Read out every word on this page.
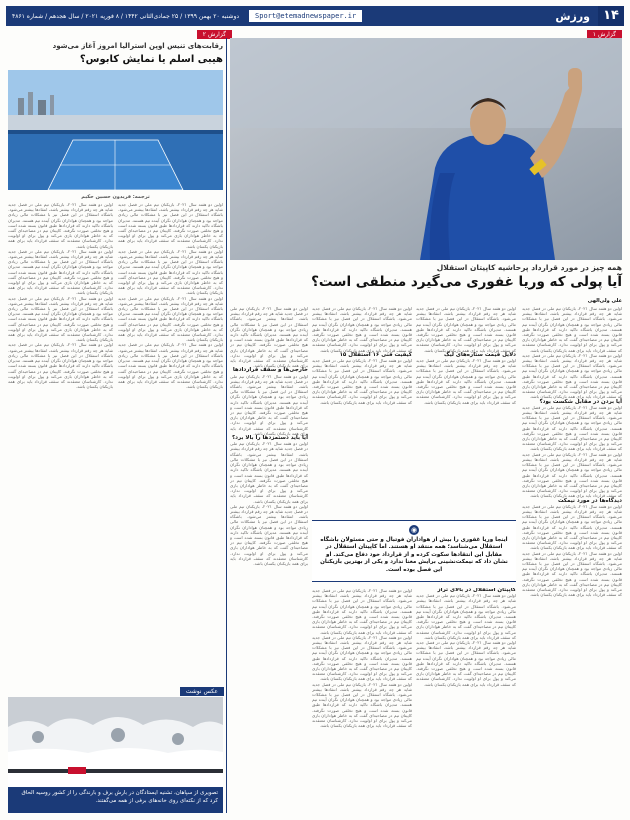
۱۴
ورزش
Sport@etemadnewspaper.ir
دوشنبه ۲۰ بهمن ۱۳۹۹ / ۲۵ جمادی‌الثانی ۱۴۴۲ / ۸ فوریه ۲۰۲۱ / سال هجدهم / شماره ۴۸۶۱
گزارش ۱
گزارش ۲
رقابت‌های تنیس اوپن استرالیا امروز آغاز می‌شود
هیبی اسلم یا نمایش کابوس؟
ترجمه: فریدون حسین حکیم

اولین دو هفته سال ۲۰۲۱، بازیکنان تیم ملی در فصل جدید شاید هر چه رقم قرارداد بیشتر باشد، انتقادها بیشتر می‌شود. باشگاه استقلال در این فصل نیز با مشکلات مالی زیادی مواجه بود و همچنان هواداران نگران آینده تیم هستند. مدیران باشگاه تاکید دارند که قراردادها طبق قانون بسته شده است و هیچ تخلفی صورت نگرفته. کاپیتان تیم در مصاحبه‌ای گفت که به خاطر هواداران بازی می‌کند و پول برای او اولویت ندارد. کارشناسان معتقدند که سقف قرارداد باید برای همه بازیکنان یکسان باشد.

اولین دو هفته سال ۲۰۲۱، بازیکنان تیم ملی در فصل جدید شاید هر چه رقم قرارداد بیشتر باشد، انتقادها بیشتر می‌شود. باشگاه استقلال در این فصل نیز با مشکلات مالی زیادی مواجه بود و همچنان هواداران نگران آینده تیم هستند. مدیران باشگاه تاکید دارند که قراردادها طبق قانون بسته شده است و هیچ تخلفی صورت نگرفته. کاپیتان تیم در مصاحبه‌ای گفت که به خاطر هواداران بازی می‌کند و پول برای او اولویت ندارد. کارشناسان معتقدند که سقف قرارداد باید برای همه بازیکنان یکسان باشد.

اولین دو هفته سال ۲۰۲۱، بازیکنان تیم ملی در فصل جدید شاید هر چه رقم قرارداد بیشتر باشد، انتقادها بیشتر می‌شود. باشگاه استقلال در این فصل نیز با مشکلات مالی زیادی مواجه بود و همچنان هواداران نگران آینده تیم هستند. مدیران باشگاه تاکید دارند که قراردادها طبق قانون بسته شده است و هیچ تخلفی صورت نگرفته. کاپیتان تیم در مصاحبه‌ای گفت که به خاطر هواداران بازی می‌کند و پول برای او اولویت ندارد. کارشناسان معتقدند که سقف قرارداد باید برای همه بازیکنان یکسان باشد.

اولین دو هفته سال ۲۰۲۱، بازیکنان تیم ملی در فصل جدید شاید هر چه رقم قرارداد بیشتر باشد، انتقادها بیشتر می‌شود. باشگاه استقلال در این فصل نیز با مشکلات مالی زیادی مواجه بود و همچنان هواداران نگران آینده تیم هستند. مدیران باشگاه تاکید دارند که قراردادها طبق قانون بسته شده است و هیچ تخلفی صورت نگرفته. کاپیتان تیم در مصاحبه‌ای گفت که به خاطر هواداران بازی می‌کند و پول برای او اولویت ندارد. کارشناسان معتقدند که سقف قرارداد باید برای همه بازیکنان یکسان باشد.

اولین دو هفته سال ۲۰۲۱، بازیکنان تیم ملی در فصل جدید شاید هر چه رقم قرارداد بیشتر باشد، انتقادها بیشتر می‌شود. باشگاه استقلال در این فصل نیز با مشکلات مالی زیادی مواجه بود و همچنان هواداران نگران آینده تیم هستند. مدیران باشگاه تاکید دارند که قراردادها طبق قانون بسته شده است و هیچ تخلفی صورت نگرفته. کاپیتان تیم در مصاحبه‌ای گفت که به خاطر هواداران بازی می‌کند و پول برای او اولویت ندارد. کارشناسان معتقدند که سقف قرارداد باید برای همه بازیکنان یکسان باشد.

اولین دو هفته سال ۲۰۲۱، بازیکنان تیم ملی در فصل جدید شاید هر چه رقم قرارداد بیشتر باشد، انتقادها بیشتر می‌شود. باشگاه استقلال در این فصل نیز با مشکلات مالی زیادی مواجه بود و همچنان هواداران نگران آینده تیم هستند. مدیران باشگاه تاکید دارند که قراردادها طبق قانون بسته شده است و هیچ تخلفی صورت نگرفته. کاپیتان تیم در مصاحبه‌ای گفت که به خاطر هواداران بازی می‌کند و پول برای او اولویت ندارد. کارشناسان معتقدند که سقف قرارداد باید برای همه بازیکنان یکسان باشد.

اولین دو هفته سال ۲۰۲۱، بازیکنان تیم ملی در فصل جدید شاید هر چه رقم قرارداد بیشتر باشد، انتقادها بیشتر می‌شود. باشگاه استقلال در این فصل نیز با مشکلات مالی زیادی مواجه بود و همچنان هواداران نگران آینده تیم هستند. مدیران باشگاه تاکید دارند که قراردادها طبق قانون بسته شده است و هیچ تخلفی صورت نگرفته. کاپیتان تیم در مصاحبه‌ای گفت که به خاطر هواداران بازی می‌کند و پول برای او اولویت ندارد. کارشناسان معتقدند که سقف قرارداد باید برای همه بازیکنان یکسان باشد.

اولین دو هفته سال ۲۰۲۱، بازیکنان تیم ملی در فصل جدید شاید هر چه رقم قرارداد بیشتر باشد، انتقادها بیشتر می‌شود. باشگاه استقلال در این فصل نیز با مشکلات مالی زیادی مواجه بود و همچنان هواداران نگران آینده تیم هستند. مدیران باشگاه تاکید دارند که قراردادها طبق قانون بسته شده است و هیچ تخلفی صورت نگرفته. کاپیتان تیم در مصاحبه‌ای گفت که به خاطر هواداران بازی می‌کند و پول برای او اولویت ندارد. کارشناسان معتقدند که سقف قرارداد باید برای همه بازیکنان یکسان باشد.

همه چیز در مورد قرارداد پرحاشیه کاپیتان استقلال
آیا پولی که وریا غفوری می‌گیرد منطقی است؟
علی ولی‌الهی

اولین دو هفته سال ۲۰۲۱، بازیکنان تیم ملی در فصل جدید شاید هر چه رقم قرارداد بیشتر باشد، انتقادها بیشتر می‌شود. باشگاه استقلال در این فصل نیز با مشکلات مالی زیادی مواجه بود و همچنان هواداران نگران آینده تیم هستند. مدیران باشگاه تاکید دارند که قراردادها طبق قانون بسته شده است و هیچ تخلفی صورت نگرفته. کاپیتان تیم در مصاحبه‌ای گفت که به خاطر هواداران بازی می‌کند و پول برای او اولویت ندارد. کارشناسان معتقدند که سقف قرارداد باید برای همه بازیکنان یکسان باشد.

اولین دو هفته سال ۲۰۲۱، بازیکنان تیم ملی در فصل جدید شاید هر چه رقم قرارداد بیشتر باشد، انتقادها بیشتر می‌شود. باشگاه استقلال در این فصل نیز با مشکلات مالی زیادی مواجه بود و همچنان هواداران نگران آینده تیم هستند. مدیران باشگاه تاکید دارند که قراردادها طبق قانون بسته شده است و هیچ تخلفی صورت نگرفته. کاپیتان تیم در مصاحبه‌ای گفت که به خاطر هواداران بازی می‌کند و پول برای او اولویت ندارد. کارشناسان معتقدند که سقف قرارداد باید برای همه بازیکنان یکسان باشد.

آیا بردن در مقابل شکست بود؟

اولین دو هفته سال ۲۰۲۱، بازیکنان تیم ملی در فصل جدید شاید هر چه رقم قرارداد بیشتر باشد، انتقادها بیشتر می‌شود. باشگاه استقلال در این فصل نیز با مشکلات مالی زیادی مواجه بود و همچنان هواداران نگران آینده تیم هستند. مدیران باشگاه تاکید دارند که قراردادها طبق قانون بسته شده است و هیچ تخلفی صورت نگرفته. کاپیتان تیم در مصاحبه‌ای گفت که به خاطر هواداران بازی می‌کند و پول برای او اولویت ندارد. کارشناسان معتقدند که سقف قرارداد باید برای همه بازیکنان یکسان باشد.

اولین دو هفته سال ۲۰۲۱، بازیکنان تیم ملی در فصل جدید شاید هر چه رقم قرارداد بیشتر باشد، انتقادها بیشتر می‌شود. باشگاه استقلال در این فصل نیز با مشکلات مالی زیادی مواجه بود و همچنان هواداران نگران آینده تیم هستند. مدیران باشگاه تاکید دارند که قراردادها طبق قانون بسته شده است و هیچ تخلفی صورت نگرفته. کاپیتان تیم در مصاحبه‌ای گفت که به خاطر هواداران بازی می‌کند و پول برای او اولویت ندارد. کارشناسان معتقدند که سقف قرارداد باید برای همه بازیکنان یکسان باشد.

دیدگاه‌ها در مورد نیمکت

اولین دو هفته سال ۲۰۲۱، بازیکنان تیم ملی در فصل جدید شاید هر چه رقم قرارداد بیشتر باشد، انتقادها بیشتر می‌شود. باشگاه استقلال در این فصل نیز با مشکلات مالی زیادی مواجه بود و همچنان هواداران نگران آینده تیم هستند. مدیران باشگاه تاکید دارند که قراردادها طبق قانون بسته شده است و هیچ تخلفی صورت نگرفته. کاپیتان تیم در مصاحبه‌ای گفت که به خاطر هواداران بازی می‌کند و پول برای او اولویت ندارد. کارشناسان معتقدند که سقف قرارداد باید برای همه بازیکنان یکسان باشد.

اولین دو هفته سال ۲۰۲۱، بازیکنان تیم ملی در فصل جدید شاید هر چه رقم قرارداد بیشتر باشد، انتقادها بیشتر می‌شود. باشگاه استقلال در این فصل نیز با مشکلات مالی زیادی مواجه بود و همچنان هواداران نگران آینده تیم هستند. مدیران باشگاه تاکید دارند که قراردادها طبق قانون بسته شده است و هیچ تخلفی صورت نگرفته. کاپیتان تیم در مصاحبه‌ای گفت که به خاطر هواداران بازی می‌کند و پول برای او اولویت ندارد. کارشناسان معتقدند که سقف قرارداد باید برای همه بازیکنان یکسان باشد.

اولین دو هفته سال ۲۰۲۱، بازیکنان تیم ملی در فصل جدید شاید هر چه رقم قرارداد بیشتر باشد، انتقادها بیشتر می‌شود. باشگاه استقلال در این فصل نیز با مشکلات مالی زیادی مواجه بود و همچنان هواداران نگران آینده تیم هستند. مدیران باشگاه تاکید دارند که قراردادها طبق قانون بسته شده است و هیچ تخلفی صورت نگرفته. کاپیتان تیم در مصاحبه‌ای گفت که به خاطر هواداران بازی می‌کند و پول برای او اولویت ندارد. کارشناسان معتقدند که سقف قرارداد باید برای همه بازیکنان یکسان باشد.

دلایل قیمت ستاره‌های لیگ

اولین دو هفته سال ۲۰۲۱، بازیکنان تیم ملی در فصل جدید شاید هر چه رقم قرارداد بیشتر باشد، انتقادها بیشتر می‌شود. باشگاه استقلال در این فصل نیز با مشکلات مالی زیادی مواجه بود و همچنان هواداران نگران آینده تیم هستند. مدیران باشگاه تاکید دارند که قراردادها طبق قانون بسته شده است و هیچ تخلفی صورت نگرفته. کاپیتان تیم در مصاحبه‌ای گفت که به خاطر هواداران بازی می‌کند و پول برای او اولویت ندارد. کارشناسان معتقدند که سقف قرارداد باید برای همه بازیکنان یکسان باشد.

اولین دو هفته سال ۲۰۲۱، بازیکنان تیم ملی در فصل جدید شاید هر چه رقم قرارداد بیشتر باشد، انتقادها بیشتر می‌شود. باشگاه استقلال در این فصل نیز با مشکلات مالی زیادی مواجه بود و همچنان هواداران نگران آینده تیم هستند. مدیران باشگاه تاکید دارند که قراردادها طبق قانون بسته شده است و هیچ تخلفی صورت نگرفته. کاپیتان تیم در مصاحبه‌ای گفت که به خاطر هواداران بازی می‌کند و پول برای او اولویت ندارد. کارشناسان معتقدند که سقف قرارداد باید برای همه بازیکنان یکسان باشد.

کیفیت فنی ۱۶ استقلال ۱۵

اولین دو هفته سال ۲۰۲۱، بازیکنان تیم ملی در فصل جدید شاید هر چه رقم قرارداد بیشتر باشد، انتقادها بیشتر می‌شود. باشگاه استقلال در این فصل نیز با مشکلات مالی زیادی مواجه بود و همچنان هواداران نگران آینده تیم هستند. مدیران باشگاه تاکید دارند که قراردادها طبق قانون بسته شده است و هیچ تخلفی صورت نگرفته. کاپیتان تیم در مصاحبه‌ای گفت که به خاطر هواداران بازی می‌کند و پول برای او اولویت ندارد. کارشناسان معتقدند که سقف قرارداد باید برای همه بازیکنان یکسان باشد.

اولین دو هفته سال ۲۰۲۱، بازیکنان تیم ملی در فصل جدید شاید هر چه رقم قرارداد بیشتر باشد، انتقادها بیشتر می‌شود. باشگاه استقلال در این فصل نیز با مشکلات مالی زیادی مواجه بود و همچنان هواداران نگران آینده تیم هستند. مدیران باشگاه تاکید دارند که قراردادها طبق قانون بسته شده است و هیچ تخلفی صورت نگرفته. کاپیتان تیم در مصاحبه‌ای گفت که به خاطر هواداران بازی می‌کند و پول برای او اولویت ندارد. کارشناسان معتقدند که سقف قرارداد باید برای همه بازیکنان یکسان باشد.

خارجی‌ها و سقف قراردادها

اولین دو هفته سال ۲۰۲۱، بازیکنان تیم ملی در فصل جدید شاید هر چه رقم قرارداد بیشتر باشد، انتقادها بیشتر می‌شود. باشگاه استقلال در این فصل نیز با مشکلات مالی زیادی مواجه بود و همچنان هواداران نگران آینده تیم هستند. مدیران باشگاه تاکید دارند که قراردادها طبق قانون بسته شده است و هیچ تخلفی صورت نگرفته. کاپیتان تیم در مصاحبه‌ای گفت که به خاطر هواداران بازی می‌کند و پول برای او اولویت ندارد. کارشناسان معتقدند که سقف قرارداد باید برای همه بازیکنان یکسان باشد.

آیا باید دستمزدها را بالا برد؟

اولین دو هفته سال ۲۰۲۱، بازیکنان تیم ملی در فصل جدید شاید هر چه رقم قرارداد بیشتر باشد، انتقادها بیشتر می‌شود. باشگاه استقلال در این فصل نیز با مشکلات مالی زیادی مواجه بود و همچنان هواداران نگران آینده تیم هستند. مدیران باشگاه تاکید دارند که قراردادها طبق قانون بسته شده است و هیچ تخلفی صورت نگرفته. کاپیتان تیم در مصاحبه‌ای گفت که به خاطر هواداران بازی می‌کند و پول برای او اولویت ندارد. کارشناسان معتقدند که سقف قرارداد باید برای همه بازیکنان یکسان باشد.

اولین دو هفته سال ۲۰۲۱، بازیکنان تیم ملی در فصل جدید شاید هر چه رقم قرارداد بیشتر باشد، انتقادها بیشتر می‌شود. باشگاه استقلال در این فصل نیز با مشکلات مالی زیادی مواجه بود و همچنان هواداران نگران آینده تیم هستند. مدیران باشگاه تاکید دارند که قراردادها طبق قانون بسته شده است و هیچ تخلفی صورت نگرفته. کاپیتان تیم در مصاحبه‌ای گفت که به خاطر هواداران بازی می‌کند و پول برای او اولویت ندارد. کارشناسان معتقدند که سقف قرارداد باید برای همه بازیکنان یکسان باشد.

◉
اینجا وریا غفوری را بیش از هواداران فوتبال و حتی مسئولان باشگاه استقلال می‌شناسد؛ همه منتقد او هستند. اما کاپیتان استقلال در مقابل این انتقادها سکوت کرده و از قرارداد خود دفاع می‌کند. او نشان داد که نیمکت‌نشینی برایش معنا ندارد و یکی از بهترین بازیکنان این فصل بوده است.

کاپیتان استقلال در بالای تراز

اولین دو هفته سال ۲۰۲۱، بازیکنان تیم ملی در فصل جدید شاید هر چه رقم قرارداد بیشتر باشد، انتقادها بیشتر می‌شود. باشگاه استقلال در این فصل نیز با مشکلات مالی زیادی مواجه بود و همچنان هواداران نگران آینده تیم هستند. مدیران باشگاه تاکید دارند که قراردادها طبق قانون بسته شده است و هیچ تخلفی صورت نگرفته. کاپیتان تیم در مصاحبه‌ای گفت که به خاطر هواداران بازی می‌کند و پول برای او اولویت ندارد. کارشناسان معتقدند که سقف قرارداد باید برای همه بازیکنان یکسان باشد.

اولین دو هفته سال ۲۰۲۱، بازیکنان تیم ملی در فصل جدید شاید هر چه رقم قرارداد بیشتر باشد، انتقادها بیشتر می‌شود. باشگاه استقلال در این فصل نیز با مشکلات مالی زیادی مواجه بود و همچنان هواداران نگران آینده تیم هستند. مدیران باشگاه تاکید دارند که قراردادها طبق قانون بسته شده است و هیچ تخلفی صورت نگرفته. کاپیتان تیم در مصاحبه‌ای گفت که به خاطر هواداران بازی می‌کند و پول برای او اولویت ندارد. کارشناسان معتقدند که سقف قرارداد باید برای همه بازیکنان یکسان باشد.

اولین دو هفته سال ۲۰۲۱، بازیکنان تیم ملی در فصل جدید شاید هر چه رقم قرارداد بیشتر باشد، انتقادها بیشتر می‌شود. باشگاه استقلال در این فصل نیز با مشکلات مالی زیادی مواجه بود و همچنان هواداران نگران آینده تیم هستند. مدیران باشگاه تاکید دارند که قراردادها طبق قانون بسته شده است و هیچ تخلفی صورت نگرفته. کاپیتان تیم در مصاحبه‌ای گفت که به خاطر هواداران بازی می‌کند و پول برای او اولویت ندارد. کارشناسان معتقدند که سقف قرارداد باید برای همه بازیکنان یکسان باشد.

اولین دو هفته سال ۲۰۲۱، بازیکنان تیم ملی در فصل جدید شاید هر چه رقم قرارداد بیشتر باشد، انتقادها بیشتر می‌شود. باشگاه استقلال در این فصل نیز با مشکلات مالی زیادی مواجه بود و همچنان هواداران نگران آینده تیم هستند. مدیران باشگاه تاکید دارند که قراردادها طبق قانون بسته شده است و هیچ تخلفی صورت نگرفته. کاپیتان تیم در مصاحبه‌ای گفت که به خاطر هواداران بازی می‌کند و پول برای او اولویت ندارد. کارشناسان معتقدند که سقف قرارداد باید برای همه بازیکنان یکسان باشد.

اولین دو هفته سال ۲۰۲۱، بازیکنان تیم ملی در فصل جدید شاید هر چه رقم قرارداد بیشتر باشد، انتقادها بیشتر می‌شود. باشگاه استقلال در این فصل نیز با مشکلات مالی زیادی مواجه بود و همچنان هواداران نگران آینده تیم هستند. مدیران باشگاه تاکید دارند که قراردادها طبق قانون بسته شده است و هیچ تخلفی صورت نگرفته. کاپیتان تیم در مصاحبه‌ای گفت که به خاطر هواداران بازی می‌کند و پول برای او اولویت ندارد. کارشناسان معتقدند که سقف قرارداد باید برای همه بازیکنان یکسان باشد.

عکس نوشت
تصویری از سپاهان، تشنیه ایستادگان در بارش برف و بارندگی را از کشور روسیه الحاق کرد که از نکته‌ای روی خانه‌های برفی از همه می‌گفتند.
